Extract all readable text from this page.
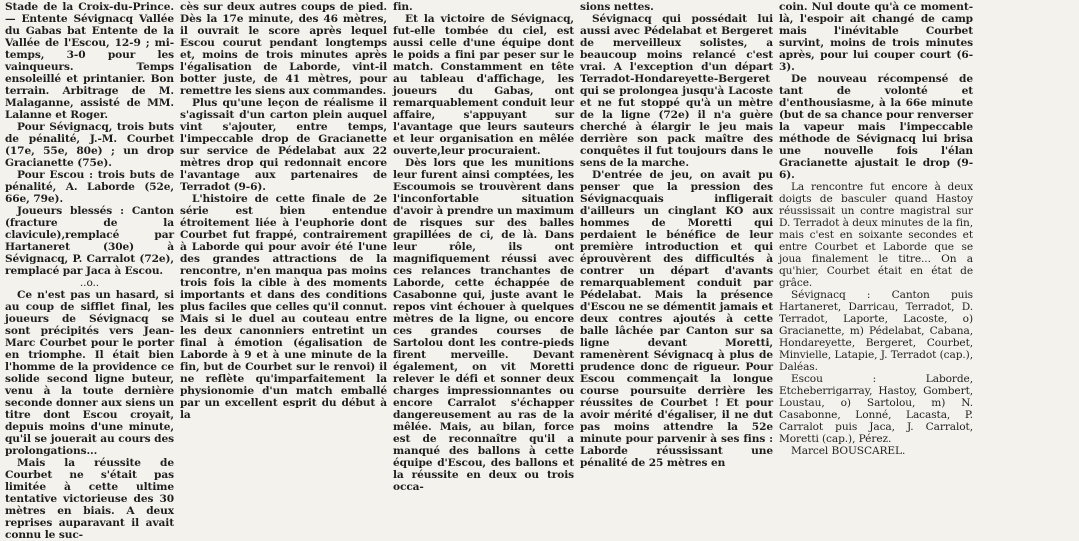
Stade de la Croix-du-Prince. — Entente Sévignacq Vallée du Gabas bat Entente de la Vallée de l'Escou, 12-9 ; mi-temps, 3-0 pour les vainqueurs. Temps ensoleillé et printanier. Bon terrain. Arbitrage de M. Malaganne, assisté de MM. Lalanne et Roger.

Pour Sévignacq, trois buts de pénalité, J.-M. Courbet (17e, 55e, 80e) ; un drop Gracianette (75e).

Pour Escou : trois buts de pénalité, A. Laborde (52e, 66e, 79e).

Joueurs blessés : Canton (fracture de la clavicule),remplacé par Hartaneret (30e) à Sévignacq, P. Carralot (72e), remplacé par Jaca à Escou.

..o..

Ce n'est pas un hasard, si au coup de sifflet final, les joueurs de Sévignacq se sont précipités vers Jean-Marc Courbet pour le porter en triomphe. Il était bien l'homme de la providence ce solide second ligne buteur, venu à la toute dernière seconde donner aux siens un titre dont Escou croyait, depuis moins d'une minute, qu'il se jouerait au cours des prolongations...

Mais la réussite de Courbet ne s'était pas limitée à cette ultime tentative victorieuse des 30 mètres en biais. A deux reprises auparavant il avait connu le suc-

cès sur deux autres coups de pied. Dès la 17e minute, des 46 mètres, il ouvrait le score après lequel Escou courut pendant longtemps et, moins de trois minutes après l'égalisation de Laborde, vint-il botter juste, de 41 mètres, pour remettre les siens aux commandes.

Plus qu'une leçon de réalisme il s'agissait d'un carton plein auquel vint s'ajouter, entre temps, l'impeccable drop de Gracianette sur service de Pédelabat aux 22 mètres drop qui redonnait encore l'avantage aux partenaires de Terradot (9-6).

L'histoire de cette finale de 2e série est bien entendue étroitement liée à l'euphorie dont Courbet fut frappé, contrairement à Laborde qui pour avoir été l'une des grandes attractions de la rencontre, n'en manqua pas moins trois fois la cible à des moments importants et dans des conditions plus faciles que celles qu'il connut. Mais si le duel au couteau entre les deux canonniers entretint un final à émotion (égalisation de Laborde à 9 et à une minute de la fin, but de Courbet sur le renvoi) il ne reflète qu'imparfaitement la physionomie d'un match emballé par un excellent esprit du début à la

fin.

Et la victoire de Sévignacq, fut-elle tombée du ciel, est aussi celle d'une équipe dont le poids a fini par peser sur le match. Constamment en tête au tableau d'affichage, les joueurs du Gabas, ont remarquablement conduit leur affaire, s'appuyant sur l'avantage que leurs sauteurs et leur organisation en mêlée ouverte,leur procuraient.

Dès lors que les munitions leur furent ainsi comptées, les Escoumois se trouvèrent dans l'inconfortable situation d'avoir à prendre un maximum de risques sur des balles grapillées de ci, de là. Dans leur rôle, ils ont magnifiquement réussi avec ces relances tranchantes de Laborde, cette échappée de Casabonne qui, juste avant le repos vint échouer à quelques mètres de la ligne, ou encore ces grandes courses de Sartolou dont les contre-pieds firent merveille. Devant également, on vit Moretti relever le défi et sonner deux charges impressionnantes ou encore Carralot s'échapper dangereusement au ras de la mêlée. Mais, au bilan, force est de reconnaître qu'il a manqué des ballons à cette équipe d'Escou, des ballons et la réussite en deux ou trois occa-

sions nettes.

Sévignacq qui possédait lui aussi avec Pédelabat et Bergeret de merveilleux solistes, a beaucoup moins relancé c'est vrai. A l'exception d'un départ Terradot-Hondareyette-Bergeret qui se prolongea jusqu'à Lacoste et ne fut stoppé qu'à un mètre de la ligne (72e) il n'a guère cherché à élargir le jeu mais derrière son pack maître des conquêtes il fut toujours dans le sens de la marche.

D'entrée de jeu, on avait pu penser que la pression des Sévignacquais infligerait d'ailleurs un cinglant KO aux hommes de Moretti qui perdaient le bénéfice de leur première introduction et qui éprouvèrent des difficultés à contrer un départ d'avants remarquablement conduit par Pédelabat. Mais la présence d'Escou ne se démentit jamais et deux contres ajoutés à cette balle lâchée par Canton sur sa ligne devant Moretti, ramenèrent Sévignacq à plus de prudence donc de rigueur. Pour Escou commençait la longue course poursuite derrière les réussites de Courbet ! Et pour avoir mérité d'égaliser, il ne dut pas moins attendre la 52e minute pour parvenir à ses fins : Laborde réussissant une pénalité de 25 mètres en

coin. Nul doute qu'à ce moment-là, l'espoir ait changé de camp mais l'inévitable Courbet survint, moins de trois minutes après, pour lui couper court (6-3).

De nouveau récompensé de tant de volonté et d'enthousiasme, à la 66e minute (but de sa chance pour renverser la vapeur mais l'impeccable méthode de Sévignacq lui brisa une nouvelle fois l'élan Gracianette ajustait le drop (9-6).

La rencontre fut encore à deux doigts de basculer quand Hastoy réussissait un contre magistral sur D. Terradot à deux minutes de la fin, mais c'est en soixante secondes et entre Courbet et Laborde que se joua finalement le titre... On a qu'hier, Courbet était en état de grâce.

Sévignacq : Canton puis Hartaneret, Darricau, Terradot, D. Terradot, Laporte, Lacoste, o) Gracianette, m) Pédelabat, Cabana, Hondareyette, Bergeret, Courbet, Minvielle, Latapie, J. Terradot (cap.), Daléas.

Escou : Laborde, Etcheberrigarray, Hastoy, Gombert, Loustau, o) Sartolou, m) N. Casabonne, Lonné, Lacasta, P. Carralot puis Jaca, J. Carralot, Moretti (cap.), Pérez.

Marcel BOUSCAREL.
